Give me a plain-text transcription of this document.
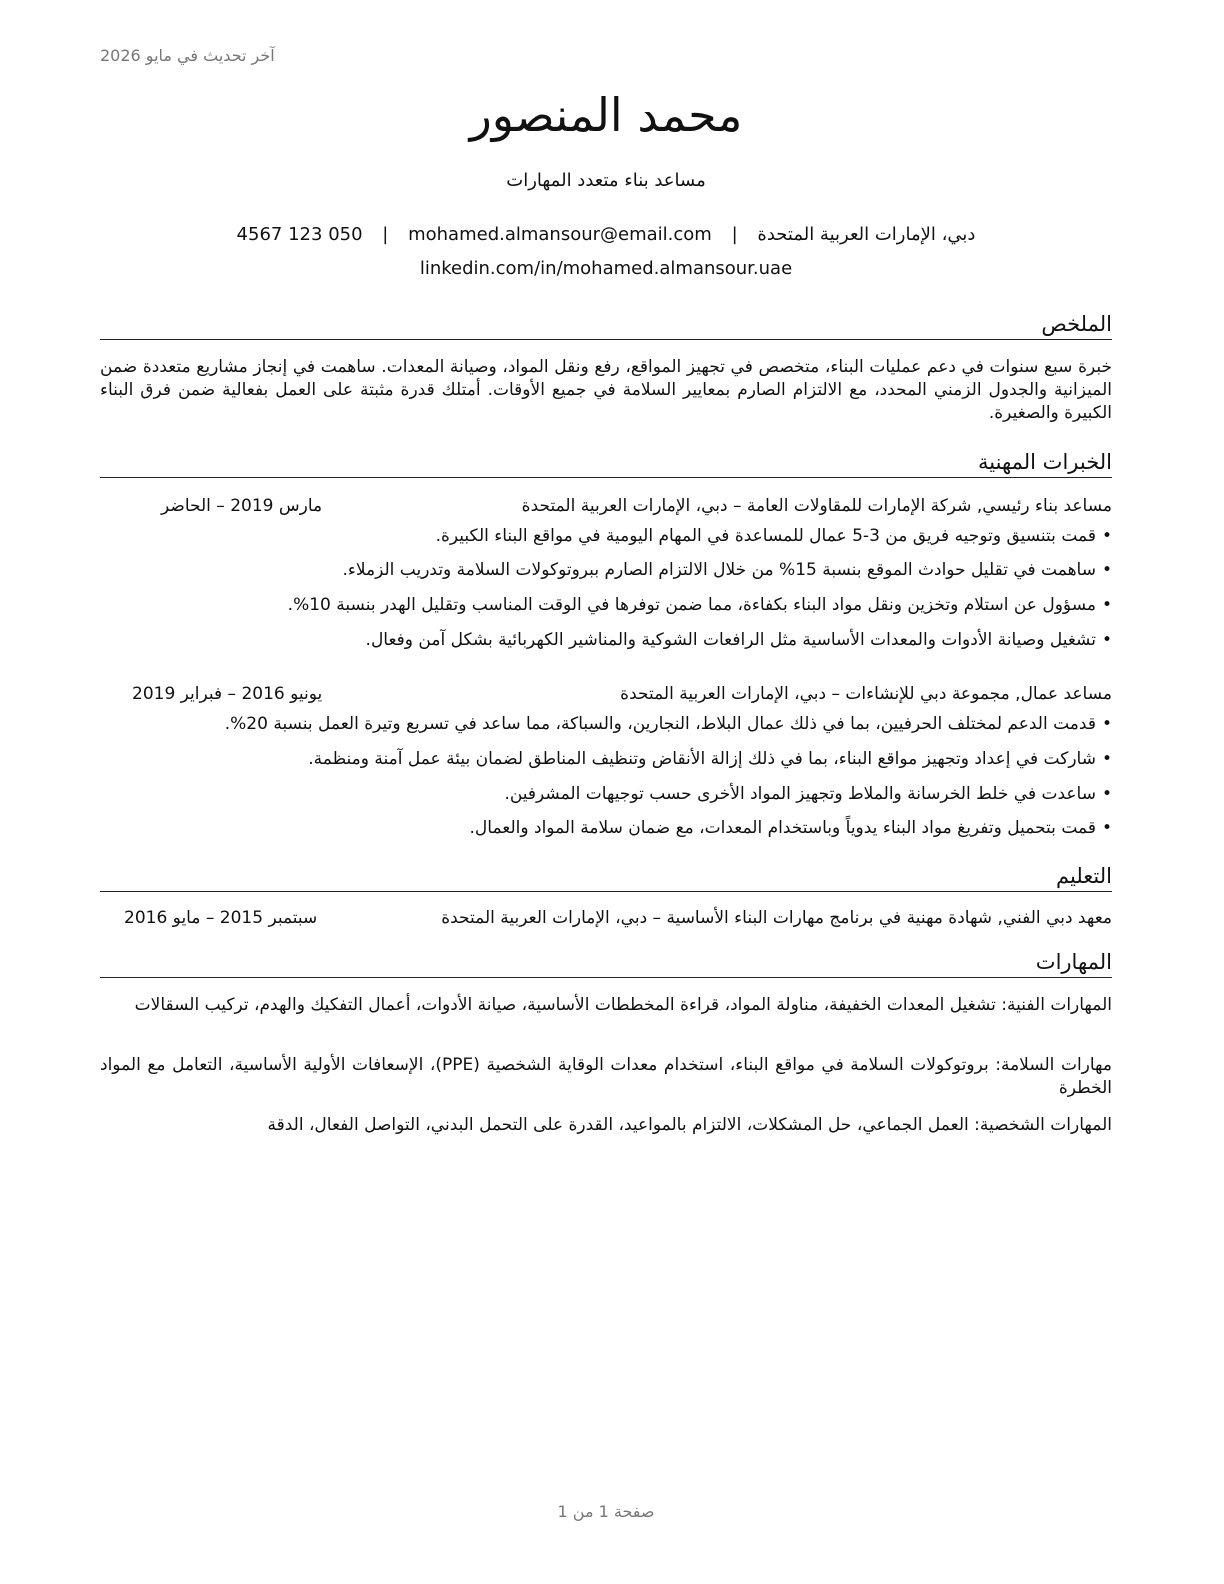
آخر تحديث في مايو 2026
محمد المنصور
مساعد بناء متعدد المهارات
دبي، الإمارات العربية المتحدة | mohamed.almansour@email.com | 050 123 4567
linkedin.com/in/mohamed.almansour.uae
الملخص
خبرة سبع سنوات في دعم عمليات البناء، متخصص في تجهيز المواقع، رفع ونقل المواد، وصيانة المعدات. ساهمت في إنجاز مشاريع متعددة ضمن الميزانية والجدول الزمني المحدد، مع الالتزام الصارم بمعايير السلامة في جميع الأوقات. أمتلك قدرة مثبتة على العمل بفعالية ضمن فرق البناء الكبيرة والصغيرة.
الخبرات المهنية
مساعد بناء رئيسي, شركة الإمارات للمقاولات العامة – دبي، الإمارات العربية المتحدة
مارس 2019 – الحاضر
•قمت بتنسيق وتوجيه فريق من 3-5 عمال للمساعدة في المهام اليومية في مواقع البناء الكبيرة.
•ساهمت في تقليل حوادث الموقع بنسبة 15% من خلال الالتزام الصارم ببروتوكولات السلامة وتدريب الزملاء.
•مسؤول عن استلام وتخزين ونقل مواد البناء بكفاءة، مما ضمن توفرها في الوقت المناسب وتقليل الهدر بنسبة 10%.
•تشغيل وصيانة الأدوات والمعدات الأساسية مثل الرافعات الشوكية والمناشير الكهربائية بشكل آمن وفعال.
مساعد عمال, مجموعة دبي للإنشاءات – دبي، الإمارات العربية المتحدة
يونيو 2016 – فبراير 2019
•قدمت الدعم لمختلف الحرفيين، بما في ذلك عمال البلاط، النجارين، والسباكة، مما ساعد في تسريع وتيرة العمل بنسبة 20%.
•شاركت في إعداد وتجهيز مواقع البناء، بما في ذلك إزالة الأنقاض وتنظيف المناطق لضمان بيئة عمل آمنة ومنظمة.
•ساعدت في خلط الخرسانة والملاط وتجهيز المواد الأخرى حسب توجيهات المشرفين.
•قمت بتحميل وتفريغ مواد البناء يدوياً وباستخدام المعدات، مع ضمان سلامة المواد والعمال.
التعليم
معهد دبي الفني, شهادة مهنية في برنامج مهارات البناء الأساسية – دبي، الإمارات العربية المتحدة
سبتمبر 2015 – مايو 2016
المهارات
المهارات الفنية: تشغيل المعدات الخفيفة، مناولة المواد، قراءة المخططات الأساسية، صيانة الأدوات، أعمال التفكيك والهدم، تركيب السقالات
مهارات السلامة: بروتوكولات السلامة في مواقع البناء، استخدام معدات الوقاية الشخصية (PPE)، الإسعافات الأولية الأساسية، التعامل مع المواد الخطرة
المهارات الشخصية: العمل الجماعي، حل المشكلات، الالتزام بالمواعيد، القدرة على التحمل البدني، التواصل الفعال، الدقة
صفحة 1 من 1
